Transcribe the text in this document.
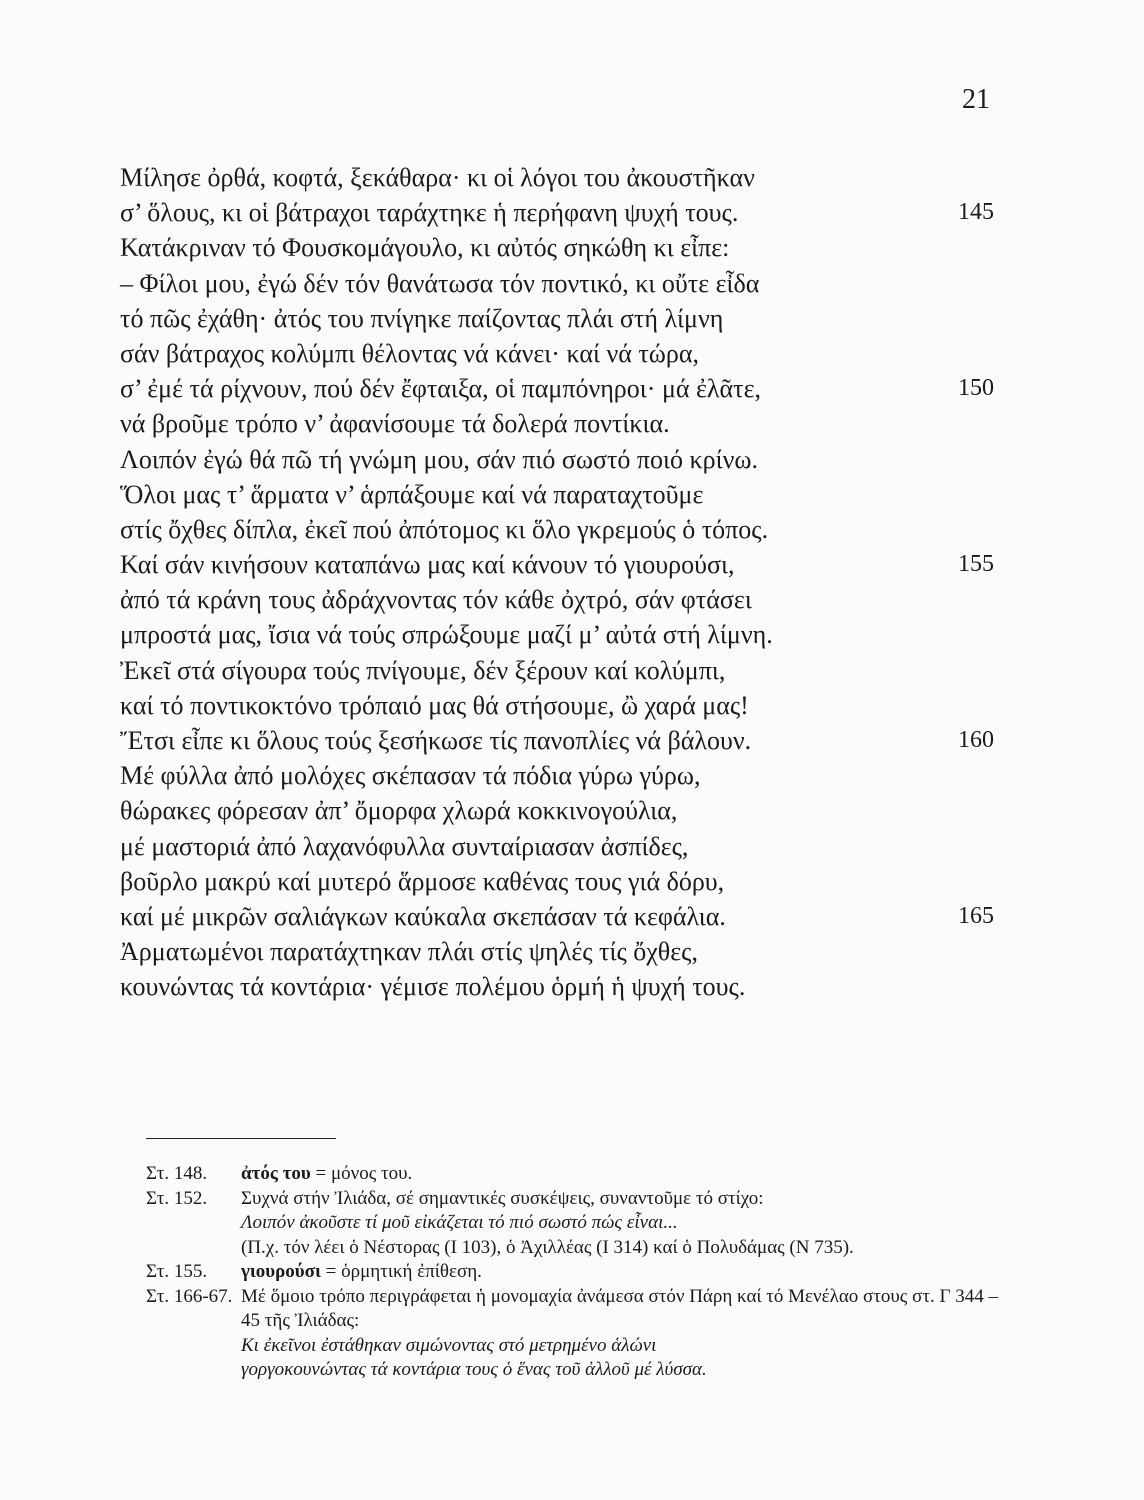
21
Μίλησε ὀρθά, κοφτά, ξεκάθαρα· κι οἱ λόγοι του ἀκουστῆκαν
σ’ ὅλους, κι οἱ βάτραχοι ταράχτηκε ἡ περήφανη ψυχή τους.	145
Κατάκριναν τό Φουσκομάγουλο, κι αὐτός σηκώθη κι εἶπε:
– Φίλοι μου, ἐγώ δέν τόν θανάτωσα τόν ποντικό, κι οὔτε εἶδα
τό πῶς ἐχάθη· ἀτός του πνίγηκε παίζοντας πλάι στή λίμνη
σάν βάτραχος κολύμπι θέλοντας νά κάνει· καί νά τώρα,
σ’ ἐμέ τά ρίχνουν, πού δέν ἔφταιξα, οἱ παμπόνηροι· μά ἐλᾶτε,	150
νά βροῦμε τρόπο ν’ ἀφανίσουμε τά δολερά ποντίκια.
Λοιπόν ἐγώ θά πῶ τή γνώμη μου, σάν πιό σωστό ποιό κρίνω.
Ὅλοι μας τ’ ἅρματα ν’ ἁρπάξουμε καί νά παραταχτοῦμε
στίς ὄχθες δίπλα, ἐκεῖ πού ἀπότομος κι ὅλο γκρεμούς ὁ τόπος.
Καί σάν κινήσουν καταπάνω μας καί κάνουν τό γιουρούσι,	155
ἀπό τά κράνη τους ἀδράχνοντας τόν κάθε ὀχτρό, σάν φτάσει
μπροστά μας, ἴσια νά τούς σπρώξουμε μαζί μ’ αὐτά στή λίμνη.
Ἐκεῖ στά σίγουρα τούς πνίγουμε, δέν ξέρουν καί κολύμπι,
καί τό ποντικοκτόνο τρόπαιό μας θά στήσουμε, ὢ χαρά μας!
Ἔτσι εἶπε κι ὅλους τούς ξεσήκωσε τίς πανοπλίες νά βάλουν.	160
Μέ φύλλα ἀπό μολόχες σκέπασαν τά πόδια γύρω γύρω,
θώρακες φόρεσαν ἀπ’ ὄμορφα χλωρά κοκκινογούλια,
μέ μαστοριά ἀπό λαχανόφυλλα συνταίριασαν ἀσπίδες,
βοῦρλο μακρύ καί μυτερό ἅρμοσε καθένας τους γιά δόρυ,
καί μέ μικρῶν σαλιάγκων καύκαλα σκεπάσαν τά κεφάλια.	165
Ἀρματωμένοι παρατάχτηκαν πλάι στίς ψηλές τίς ὄχθες,
κουνώντας τά κοντάρια· γέμισε πολέμου ὁρμή ἡ ψυχή τους.
Στ. 148.	ἀτός του = μόνος του.
Στ. 152.	Συχνά στήν Ἰλιάδα, σέ σημαντικές συσκέψεις, συναντοῦμε τό στίχο:
Λοιπόν ἀκοῦστε τί μοῦ εἰκάζεται τό πιό σωστό πώς εἶναι...
(Π.χ. τόν λέει ὁ Νέστορας (Ι 103), ὁ Ἀχιλλέας (Ι 314) καί ὁ Πολυδάμας (Ν 735).
Στ. 155.	γιουρούσι = ὁρμητική ἐπίθεση.
Στ. 166-67. Μέ ὅμοιο τρόπο περιγράφεται ἡ μονομαχία ἀνάμεσα στόν Πάρη καί τό Μενέλαο στους στ. Γ 344 – 45 τῆς Ἰλιάδας:
Κι ἐκεῖνοι ἐστάθηκαν σιμώνοντας στό μετρημένο ἁλώνι
γοργοκουνώντας τά κοντάρια τους ὁ ἕνας τοῦ ἀλλοῦ μέ λύσσα.
